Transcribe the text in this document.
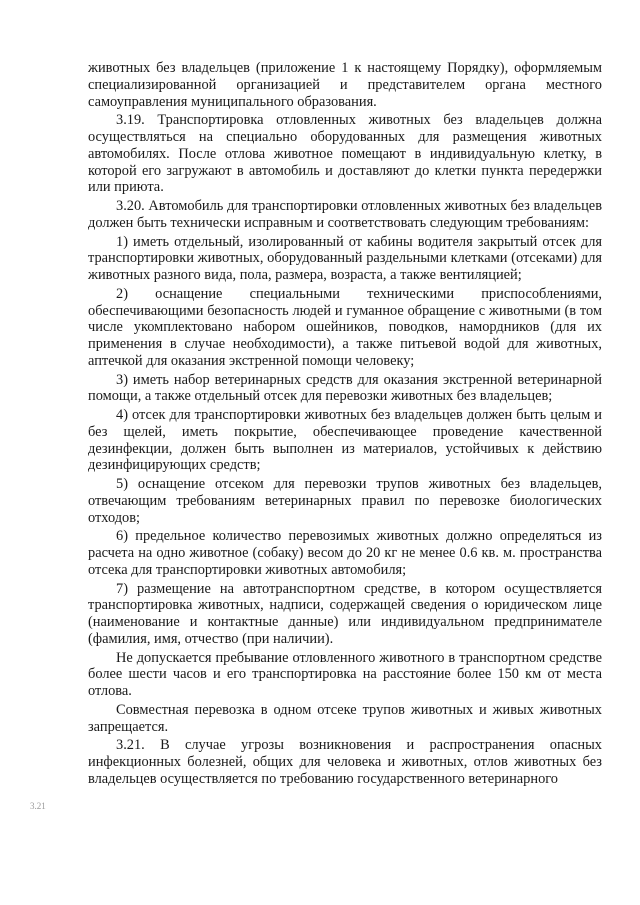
животных без владельцев (приложение 1 к настоящему Порядку), оформляемым специализированной организацией и представителем органа местного самоуправления муниципального образования.

3.19. Транспортировка отловленных животных без владельцев должна осуществляться на специально оборудованных для размещения животных автомобилях. После отлова животное помещают в индивидуальную клетку, в которой его загружают в автомобиль и доставляют до клетки пункта передержки или приюта.

3.20. Автомобиль для транспортировки отловленных животных без владельцев должен быть технически исправным и соответствовать следующим требованиям:

1) иметь отдельный, изолированный от кабины водителя закрытый отсек для транспортировки животных, оборудованный раздельными клетками (отсеками) для животных разного вида, пола, размера, возраста, а также вентиляцией;

2) оснащение специальными техническими приспособлениями, обеспечивающими безопасность людей и гуманное обращение с животными (в том числе укомплектовано набором ошейников, поводков, намордников (для их применения в случае необходимости), а также питьевой водой для животных, аптечкой для оказания экстренной помощи человеку;

3) иметь набор ветеринарных средств для оказания экстренной ветеринарной помощи, а также отдельный отсек для перевозки животных без владельцев;

4) отсек для транспортировки животных без владельцев должен быть целым и без щелей, иметь покрытие, обеспечивающее проведение качественной дезинфекции, должен быть выполнен из материалов, устойчивых к действию дезинфицирующих средств;

5) оснащение отсеком для перевозки трупов животных без владельцев, отвечающим требованиям ветеринарных правил по перевозке биологических отходов;

6) предельное количество перевозимых животных должно определяться из расчета на одно животное (собаку) весом до 20 кг не менее 0.6 кв. м. пространства отсека для транспортировки животных автомобиля;

7) размещение на автотранспортном средстве, в котором осуществляется транспортировка животных, надписи, содержащей сведения о юридическом лице (наименование и контактные данные) или индивидуальном предпринимателе (фамилия, имя, отчество (при наличии).

Не допускается пребывание отловленного животного в транспортном средстве более шести часов и его транспортировка на расстояние более 150 км от места отлова.

Совместная перевозка в одном отсеке трупов животных и живых животных запрещается.

3.21. В случае угрозы возникновения и распространения опасных инфекционных болезней, общих для человека и животных, отлов животных без владельцев осуществляется по требованию государственного ветеринарного

3.21
